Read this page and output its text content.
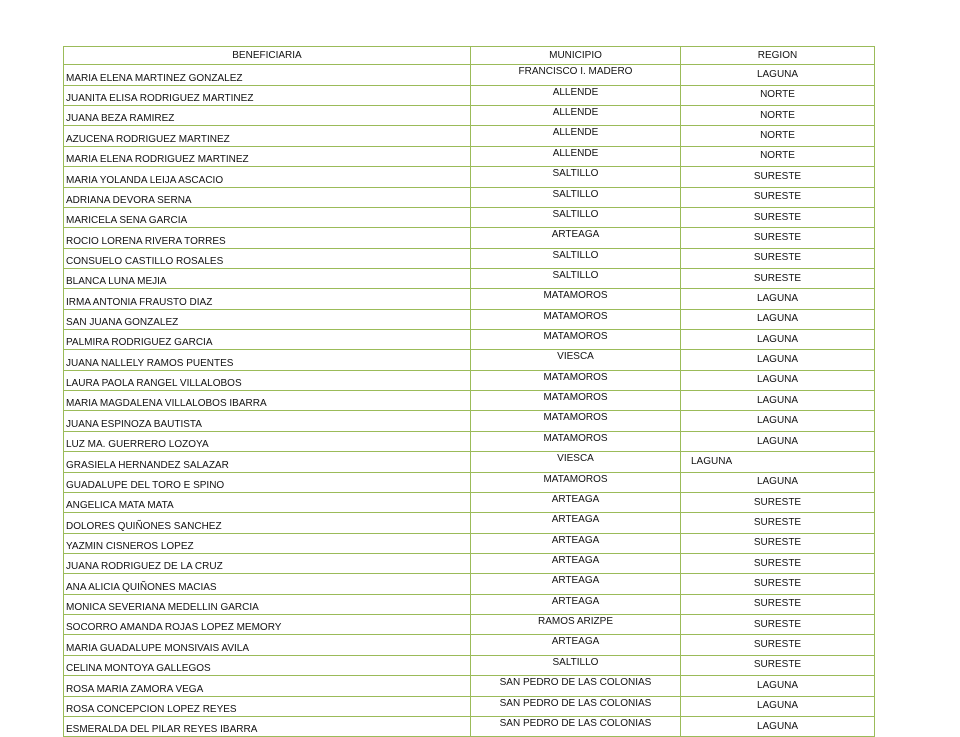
BENEFICIARIA	MUNICIPIO	REGION
MARIA ELENA MARTINEZ GONZALEZ	FRANCISCO I. MADERO	LAGUNA
JUANITA ELISA RODRIGUEZ MARTINEZ	ALLENDE	NORTE
JUANA BEZA RAMIREZ	ALLENDE	NORTE
AZUCENA RODRIGUEZ MARTINEZ	ALLENDE	NORTE
MARIA ELENA RODRIGUEZ MARTINEZ	ALLENDE	NORTE
MARIA YOLANDA LEIJA ASCACIO	SALTILLO	SURESTE
ADRIANA DEVORA SERNA	SALTILLO	SURESTE
MARICELA SENA GARCIA	SALTILLO	SURESTE
ROCIO LORENA RIVERA TORRES	ARTEAGA	SURESTE
CONSUELO CASTILLO ROSALES	SALTILLO	SURESTE
BLANCA LUNA MEJIA	SALTILLO	SURESTE
IRMA ANTONIA FRAUSTO DIAZ	MATAMOROS	LAGUNA
SAN JUANA GONZALEZ	MATAMOROS	LAGUNA
PALMIRA RODRIGUEZ GARCIA	MATAMOROS	LAGUNA
JUANA NALLELY RAMOS PUENTES	VIESCA	LAGUNA
LAURA PAOLA RANGEL VILLALOBOS	MATAMOROS	LAGUNA
MARIA MAGDALENA VILLALOBOS IBARRA	MATAMOROS	LAGUNA
JUANA ESPINOZA BAUTISTA	MATAMOROS	LAGUNA
LUZ MA. GUERRERO LOZOYA	MATAMOROS	LAGUNA
GRASIELA HERNANDEZ SALAZAR	VIESCA	LAGUNA
GUADALUPE DEL TORO E SPINO	MATAMOROS	LAGUNA
ANGELICA MATA MATA	ARTEAGA	SURESTE
DOLORES QUIÑONES SANCHEZ	ARTEAGA	SURESTE
YAZMIN CISNEROS LOPEZ	ARTEAGA	SURESTE
JUANA RODRIGUEZ DE LA CRUZ	ARTEAGA	SURESTE
ANA ALICIA QUIÑONES MACIAS	ARTEAGA	SURESTE
MONICA SEVERIANA MEDELLIN GARCIA	ARTEAGA	SURESTE
SOCORRO AMANDA ROJAS LOPEZ MEMORY	RAMOS ARIZPE	SURESTE
MARIA GUADALUPE MONSIVAIS AVILA	ARTEAGA	SURESTE
CELINA MONTOYA GALLEGOS	SALTILLO	SURESTE
ROSA MARIA ZAMORA VEGA	SAN PEDRO DE LAS COLONIAS	LAGUNA
ROSA CONCEPCION LOPEZ REYES	SAN PEDRO DE LAS COLONIAS	LAGUNA
ESMERALDA DEL PILAR REYES IBARRA	SAN PEDRO DE LAS COLONIAS	LAGUNA
